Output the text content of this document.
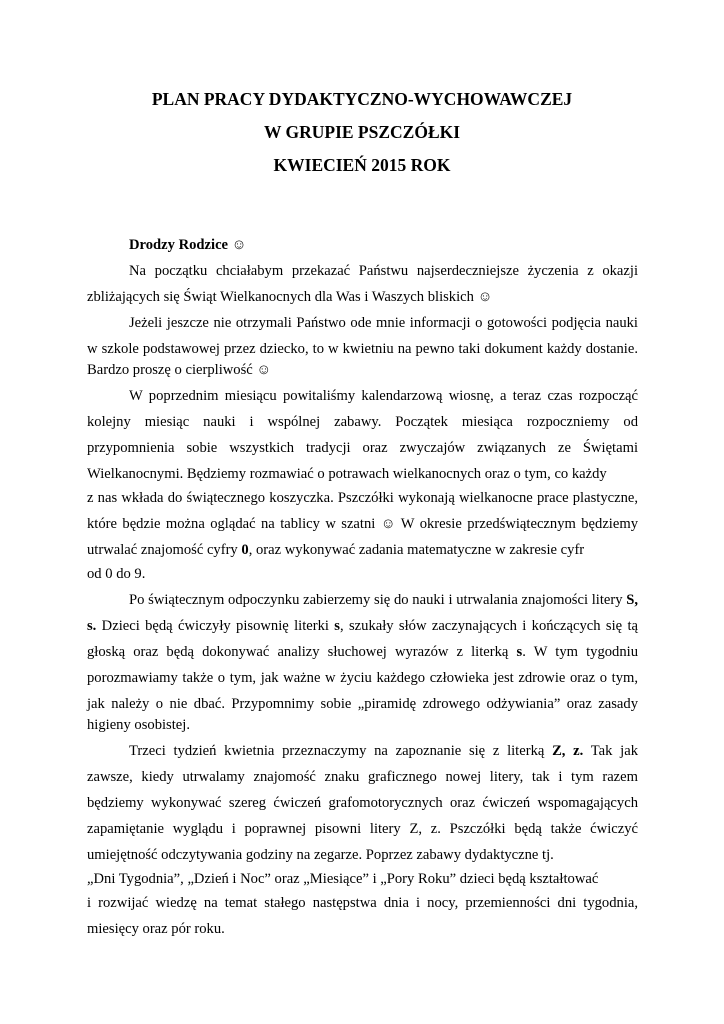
PLAN PRACY DYDAKTYCZNO-WYCHOWAWCZEJ
W GRUPIE PSZCZÓŁKI
KWIECIEŃ 2015 ROK
Drodzy Rodzice ☺
Na początku chciałabym przekazać Państwu najserdeczniejsze życzenia z okazji
zbliżających się Świąt Wielkanocnych dla Was i Waszych bliskich ☺
Jeżeli jeszcze nie otrzymali Państwo ode mnie informacji o gotowości podjęcia nauki
w szkole podstawowej przez dziecko, to w kwietniu na pewno taki dokument każdy dostanie.
Bardzo proszę o cierpliwość ☺
W poprzednim miesiącu powitaliśmy kalendarzową wiosnę, a teraz czas rozpocząć
kolejny miesiąc nauki i wspólnej zabawy. Początek miesiąca rozpoczniemy od
przypomnienia sobie wszystkich tradycji oraz zwyczajów związanych ze Świętami
Wielkanocnymi. Będziemy rozmawiać o potrawach wielkanocnych oraz o tym, co każdy
z nas wkłada do świątecznego koszyczka. Pszczółki wykonają wielkanocne prace plastyczne,
które będzie można oglądać na tablicy w szatni ☺ W okresie przedświątecznym będziemy
utrwalać znajomość cyfry 0, oraz wykonywać zadania matematyczne w zakresie cyfr
od 0 do 9.
Po świątecznym odpoczynku zabierzemy się do nauki i utrwalania znajomości litery S,
s. Dzieci będą ćwiczyły pisownię literki s, szukały słów zaczynających i kończących się tą
głoską oraz będą dokonywać analizy słuchowej wyrazów z literką s. W tym tygodniu
porozmawiamy także o tym, jak ważne w życiu każdego człowieka jest zdrowie oraz o tym,
jak należy o nie dbać. Przypomnimy sobie „piramidę zdrowego odżywiania” oraz zasady
higieny osobistej.
Trzeci tydzień kwietnia przeznaczymy na zapoznanie się z literką Z, z. Tak jak
zawsze, kiedy utrwalamy znajomość znaku graficznego nowej litery, tak i tym razem
będziemy wykonywać szereg ćwiczeń grafomotorycznych oraz ćwiczeń wspomagających
zapamiętanie wyglądu i poprawnej pisowni litery Z, z. Pszczółki będą także ćwiczyć
umiejętność odczytywania godziny na zegarze. Poprzez zabawy dydaktyczne tj.
„Dni Tygodnia”, „Dzień i Noc” oraz „Miesiące” i „Pory Roku” dzieci będą kształtować
i rozwijać wiedzę na temat stałego następstwa dnia i nocy, przemienności dni tygodnia,
miesięcy oraz pór roku.
